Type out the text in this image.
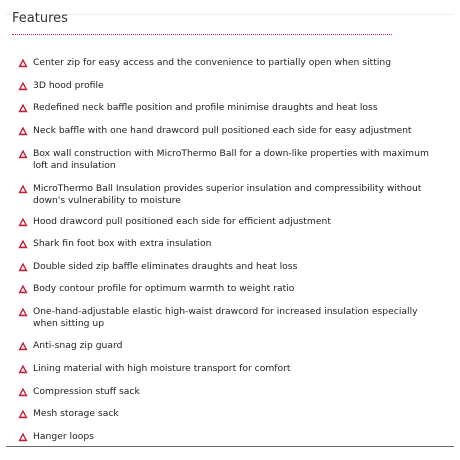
Features
Center zip for easy access and the convenience to partially open when sitting
3D hood profile
Redefined neck baffle position and profile minimise draughts and heat loss
Neck baffle with one hand drawcord pull positioned each side for easy adjustment
Box wall construction with MicroThermo Ball for a down-like properties with maximum loft and insulation
MicroThermo Ball Insulation provides superior insulation and compressibility without down's vulnerability to moisture
Hood drawcord pull positioned each side for efficient adjustment
Shark fin foot box with extra insulation
Double sided zip baffle eliminates draughts and heat loss
Body contour profile for optimum warmth to weight ratio
One-hand-adjustable elastic high-waist drawcord for increased insulation especially when sitting up
Anti-snag zip guard
Lining material with high moisture transport for comfort
Compression stuff sack
Mesh storage sack
Hanger loops
